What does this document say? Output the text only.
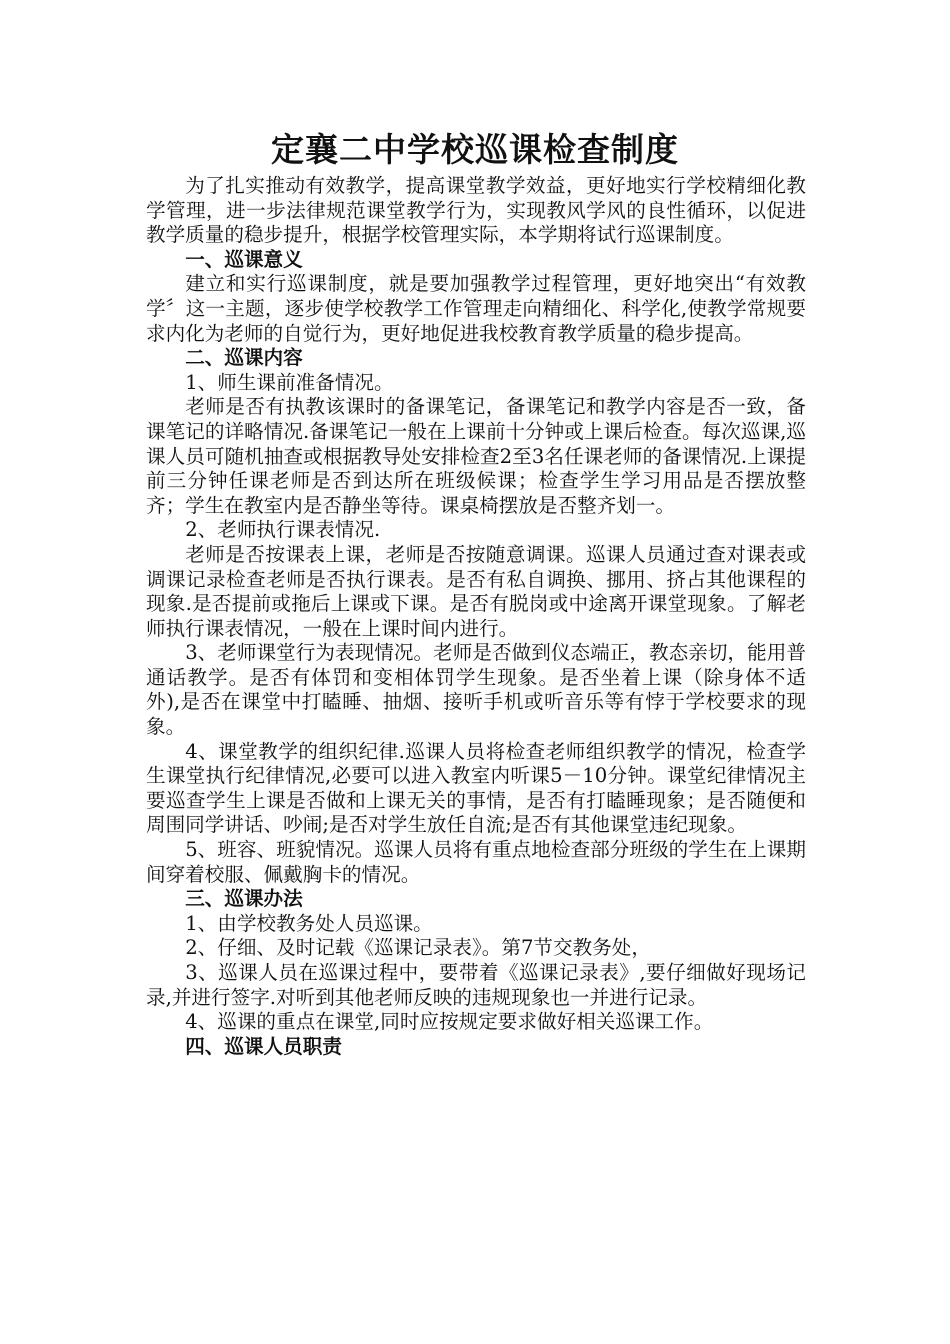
定襄二中学校巡课检查制度

为了扎实推动有效教学，提高课堂教学效益，更好地实行学校精细化教学管理，进一步法律规范课堂教学行为，实现教风学风的良性循环，以促进教学质量的稳步提升，根据学校管理实际，本学期将试行巡课制度。

一、巡课意义

建立和实行巡课制度，就是要加强教学过程管理，更好地突出“有效教学〞这一主题，逐步使学校教学工作管理走向精细化、科学化,使教学常规要求内化为老师的自觉行为，更好地促进我校教育教学质量的稳步提高。

二、巡课内容

1、师生课前准备情况。

老师是否有执教该课时的备课笔记，备课笔记和教学内容是否一致，备课笔记的详略情况.备课笔记一般在上课前十分钟或上课后检查。每次巡课,巡课人员可随机抽查或根据教导处安排检查2至3名任课老师的备课情况.上课提前三分钟任课老师是否到达所在班级候课；检查学生学习用品是否摆放整齐；学生在教室内是否静坐等待。课桌椅摆放是否整齐划一。

2、老师执行课表情况.

老师是否按课表上课，老师是否按随意调课。巡课人员通过查对课表或调课记录检查老师是否执行课表。是否有私自调换、挪用、挤占其他课程的现象.是否提前或拖后上课或下课。是否有脱岗或中途离开课堂现象。了解老师执行课表情况，一般在上课时间内进行。

3、老师课堂行为表现情况。老师是否做到仪态端正，教态亲切，能用普通话教学。是否有体罚和变相体罚学生现象。是否坐着上课（除身体不适外),是否在课堂中打瞌睡、抽烟、接听手机或听音乐等有悖于学校要求的现象。

4、课堂教学的组织纪律.巡课人员将检查老师组织教学的情况，检查学生课堂执行纪律情况,必要可以进入教室内听课5－10分钟。课堂纪律情况主要巡查学生上课是否做和上课无关的事情，是否有打瞌睡现象；是否随便和周围同学讲话、吵闹;是否对学生放任自流;是否有其他课堂违纪现象。

5、班容、班貌情况。巡课人员将有重点地检查部分班级的学生在上课期间穿着校服、佩戴胸卡的情况。

三、巡课办法

1、由学校教务处人员巡课。

2、仔细、及时记载《巡课记录表》。第7节交教务处，

3、巡课人员在巡课过程中，要带着《巡课记录表》,要仔细做好现场记录,并进行签字.对听到其他老师反映的违规现象也一并进行记录。

4、巡课的重点在课堂,同时应按规定要求做好相关巡课工作。

四、巡课人员职责
